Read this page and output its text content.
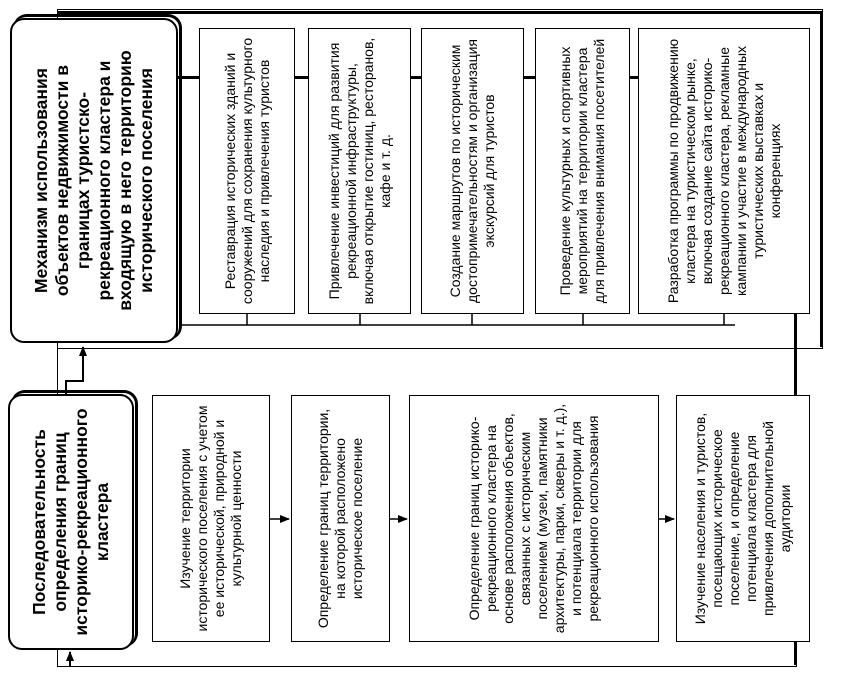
Последовательность определения границ историко-рекреационного кластера	Изучение территории исторического поселения с учетом ее исторической, природной и культурной ценности	Определение границ территории, на которой расположено историческое поселение	Определение границ историко-рекреационного кластера на основе расположения объектов, связанных с историческим поселением (музеи, памятники архитектуры, парки, скверы и т. д.), и потенциала территории для рекреационного использования	Изучение населения и туристов, посещающих историческое поселение, и определение потенциала кластера для привлечения дополнительной аудитории
Механизм использования объектов недвижимости в границах туристско-рекреационного кластера и входящую в него территорию исторического поселения	Реставрация исторических зданий и сооружений для сохранения культурного наследия и привлечения туристов	Привлечение инвестиций для развития рекреационной инфраструктуры, включая открытие гостиниц, ресторанов, кафе и т. д.	Создание маршрутов по историческим достопримечательностям и организация экскурсий для туристов	Проведение культурных и спортивных мероприятий на территории кластера для привлечения внимания посетителей	Разработка программы по продвижению кластера на туристическом рынке, включая создание сайта историко-рекреационного кластера, рекламные кампании и участие в международных туристических выставках и конференциях
